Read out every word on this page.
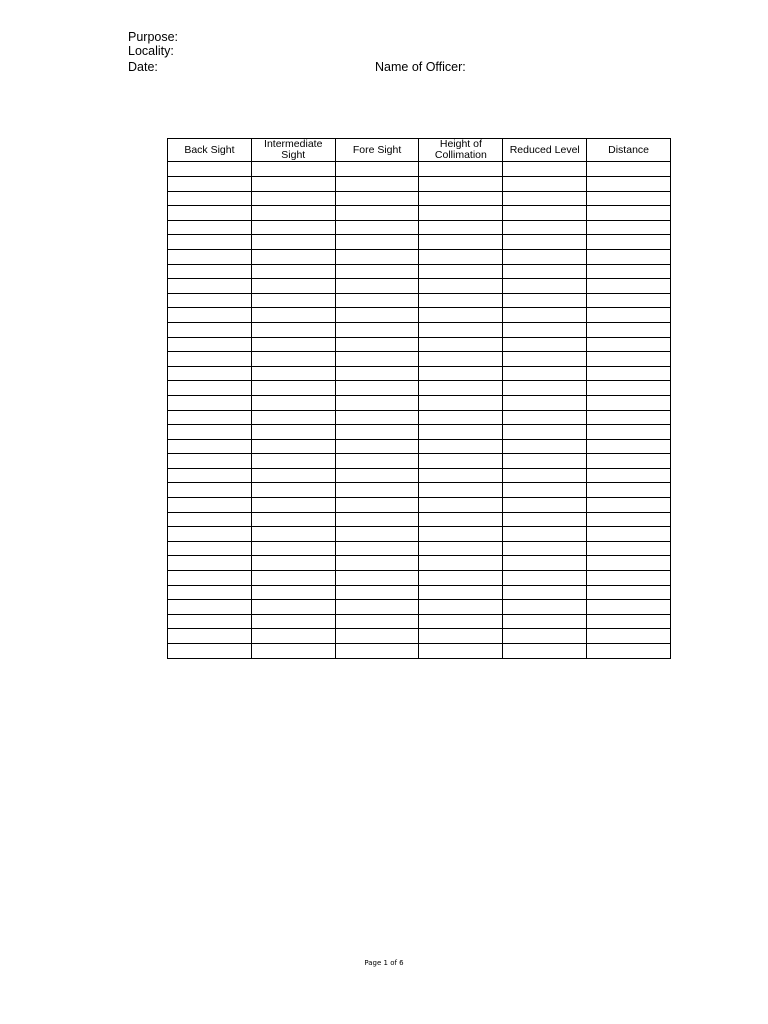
Purpose:
Locality:
Date:	Name of Officer:
Back Sight	Intermediate Sight	Fore Sight	Height of Collimation	Reduced Level	Distance

Page 1 of 6
